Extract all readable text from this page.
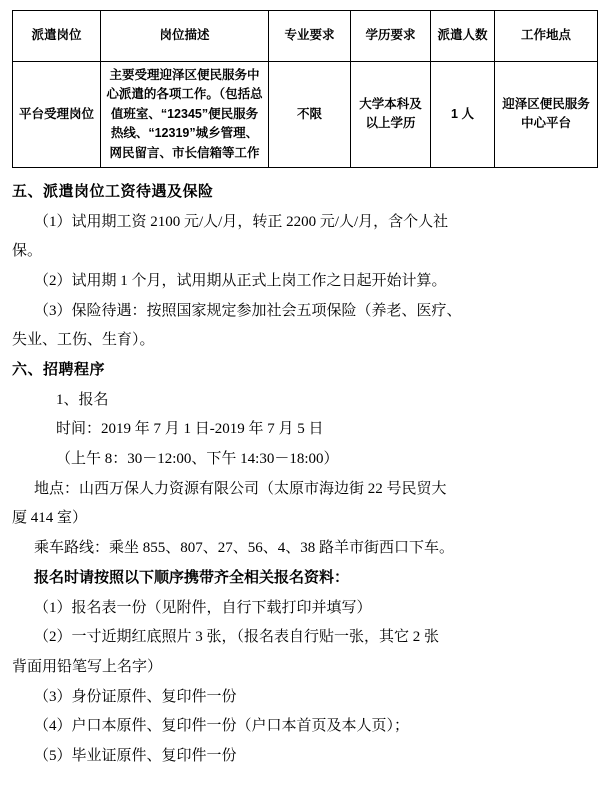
派遣岗位	岗位描述	专业要求	学历要求	派遣人数	工作地点
平台受理岗位	主要受理迎泽区便民服务中心派遣的各项工作。（包括总值班室、“12345”便民服务热线、“12319”城乡管理、网民留言、市长信箱等工作	不限	大学本科及以上学历	1 人	迎泽区便民服务中心平台
五、派遣岗位工资待遇及保险
（1）试用期工资 2100 元/人/月，转正 2200 元/人/月，含个人社
保。
（2）试用期 1 个月，试用期从正式上岗工作之日起开始计算。
（3）保险待遇：按照国家规定参加社会五项保险（养老、医疗、
失业、工伤、生育）。
六、招聘程序
1、报名
时间：2019 年 7 月 1 日-2019 年 7 月 5 日
（上午 8：30－12:00、下午 14:30－18:00）
地点：山西万保人力资源有限公司（太原市海边街 22 号民贸大
厦 414 室）
乘车路线：乘坐 855、807、27、56、4、38 路羊市街西口下车。
报名时请按照以下顺序携带齐全相关报名资料：
（1）报名表一份（见附件，自行下载打印并填写）
（2）一寸近期红底照片 3 张，（报名表自行贴一张，其它 2 张
背面用铅笔写上名字）
（3）身份证原件、复印件一份
（4）户口本原件、复印件一份（户口本首页及本人页）；
（5）毕业证原件、复印件一份
